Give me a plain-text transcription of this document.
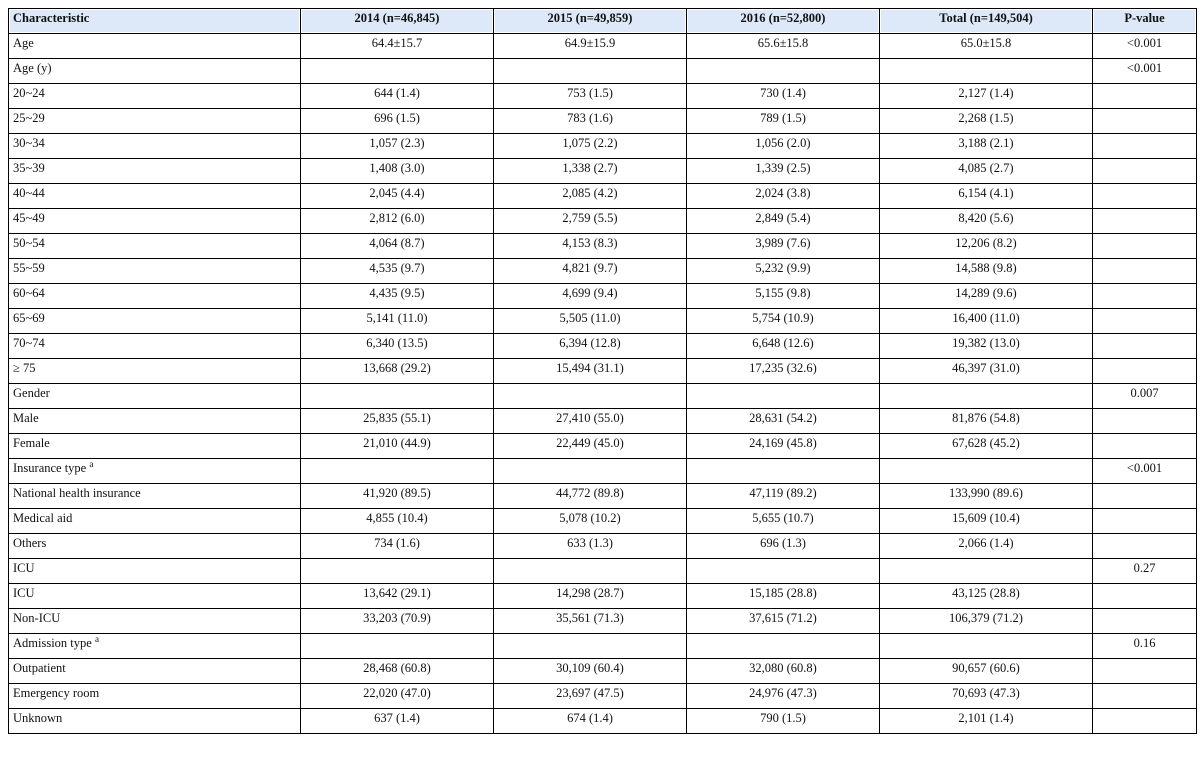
Characteristic	2014 (n=46,845)	2015 (n=49,859)	2016 (n=52,800)	Total (n=149,504)	P-value
Age	64.4±15.7	64.9±15.9	65.6±15.8	65.0±15.8	<0.001
Age (y)					<0.001
20~24	644 (1.4)	753 (1.5)	730 (1.4)	2,127 (1.4)	
25~29	696 (1.5)	783 (1.6)	789 (1.5)	2,268 (1.5)	
30~34	1,057 (2.3)	1,075 (2.2)	1,056 (2.0)	3,188 (2.1)	
35~39	1,408 (3.0)	1,338 (2.7)	1,339 (2.5)	4,085 (2.7)	
40~44	2,045 (4.4)	2,085 (4.2)	2,024 (3.8)	6,154 (4.1)	
45~49	2,812 (6.0)	2,759 (5.5)	2,849 (5.4)	8,420 (5.6)	
50~54	4,064 (8.7)	4,153 (8.3)	3,989 (7.6)	12,206 (8.2)	
55~59	4,535 (9.7)	4,821 (9.7)	5,232 (9.9)	14,588 (9.8)	
60~64	4,435 (9.5)	4,699 (9.4)	5,155 (9.8)	14,289 (9.6)	
65~69	5,141 (11.0)	5,505 (11.0)	5,754 (10.9)	16,400 (11.0)	
70~74	6,340 (13.5)	6,394 (12.8)	6,648 (12.6)	19,382 (13.0)	
≥ 75	13,668 (29.2)	15,494 (31.1)	17,235 (32.6)	46,397 (31.0)	
Gender					0.007
Male	25,835 (55.1)	27,410 (55.0)	28,631 (54.2)	81,876 (54.8)	
Female	21,010 (44.9)	22,449 (45.0)	24,169 (45.8)	67,628 (45.2)	
Insurance type $^a$					<0.001
National health insurance	41,920 (89.5)	44,772 (89.8)	47,119 (89.2)	133,990 (89.6)	
Medical aid	4,855 (10.4)	5,078 (10.2)	5,655 (10.7)	15,609 (10.4)	
Others	734 (1.6)	633 (1.3)	696 (1.3)	2,066 (1.4)	
ICU					0.27
ICU	13,642 (29.1)	14,298 (28.7)	15,185 (28.8)	43,125 (28.8)	
Non-ICU	33,203 (70.9)	35,561 (71.3)	37,615 (71.2)	106,379 (71.2)	
Admission type $^a$					0.16
Outpatient	28,468 (60.8)	30,109 (60.4)	32,080 (60.8)	90,657 (60.6)	
Emergency room	22,020 (47.0)	23,697 (47.5)	24,976 (47.3)	70,693 (47.3)	
Unknown	637 (1.4)	674 (1.4)	790 (1.5)	2,101 (1.4)	
